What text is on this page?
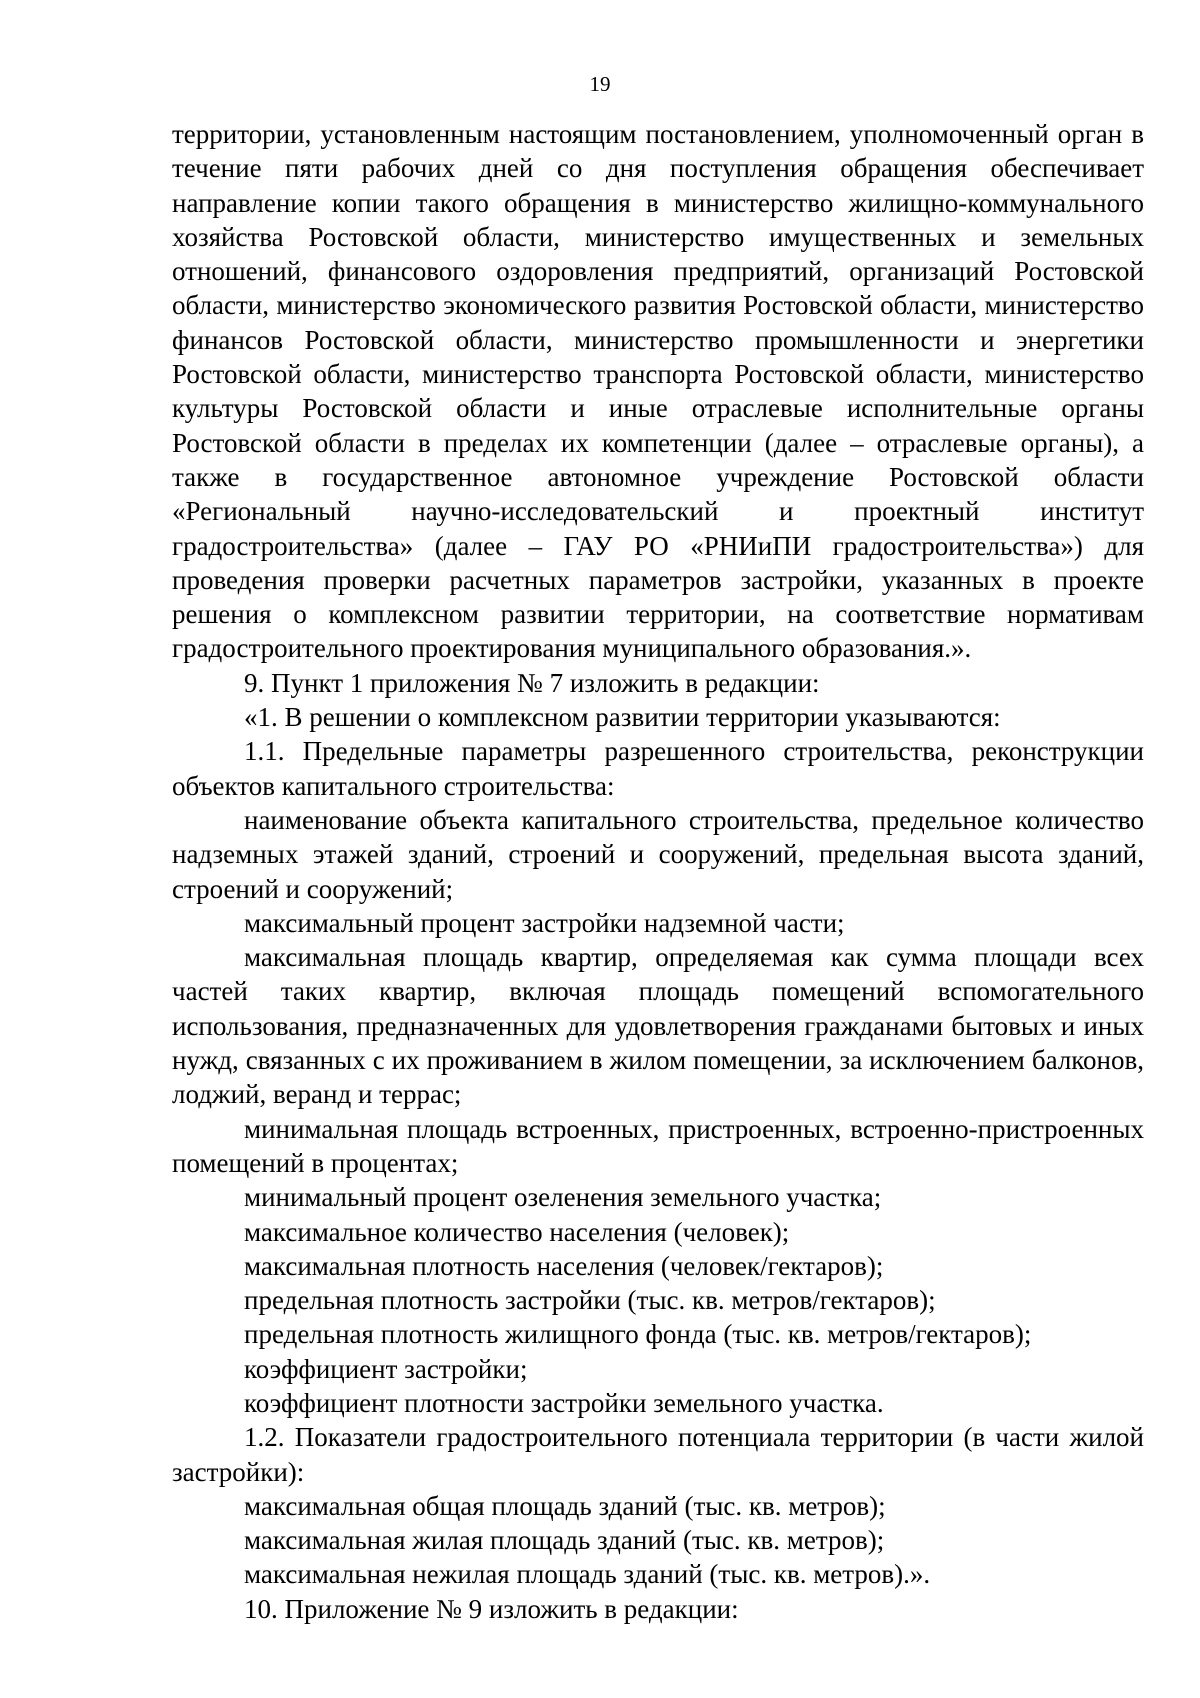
19

территории, установленным настоящим постановлением, уполномоченный орган в течение пяти рабочих дней со дня поступления обращения обеспечивает направление копии такого обращения в министерство жилищно-коммунального хозяйства Ростовской области, министерство имущественных и земельных отношений, финансового оздоровления предприятий, организаций Ростовской области, министерство экономического развития Ростовской области, министерство финансов Ростовской области, министерство промышленности и энергетики Ростовской области, министерство транспорта Ростовской области, министерство культуры Ростовской области и иные отраслевые исполнительные органы Ростовской области в пределах их компетенции (далее – отраслевые органы), а также в государственное автономное учреждение Ростовской области «Региональный научно-исследовательский и проектный институт градостроительства» (далее – ГАУ РО «РНИиПИ градостроительства») для проведения проверки расчетных параметров застройки, указанных в проекте решения о комплексном развитии территории, на соответствие нормативам градостроительного проектирования муниципального образования.».

9. Пункт 1 приложения № 7 изложить в редакции:

«1. В решении о комплексном развитии территории указываются:

1.1. Предельные параметры разрешенного строительства, реконструкции объектов капитального строительства:

наименование объекта капитального строительства, предельное количество надземных этажей зданий, строений и сооружений, предельная высота зданий, строений и сооружений;

максимальный процент застройки надземной части;

максимальная площадь квартир, определяемая как сумма площади всех частей таких квартир, включая площадь помещений вспомогательного использования, предназначенных для удовлетворения гражданами бытовых и иных нужд, связанных с их проживанием в жилом помещении, за исключением балконов, лоджий, веранд и террас;

минимальная площадь встроенных, пристроенных, встроенно-пристроенных помещений в процентах;

минимальный процент озеленения земельного участка;

максимальное количество населения (человек);

максимальная плотность населения (человек/гектаров);

предельная плотность застройки (тыс. кв. метров/гектаров);

предельная плотность жилищного фонда (тыс. кв. метров/гектаров);

коэффициент застройки;

коэффициент плотности застройки земельного участка.

1.2. Показатели градостроительного потенциала территории (в части жилой застройки):

максимальная общая площадь зданий (тыс. кв. метров);

максимальная жилая площадь зданий (тыс. кв. метров);

максимальная нежилая площадь зданий (тыс. кв. метров).».

10. Приложение № 9 изложить в редакции:
